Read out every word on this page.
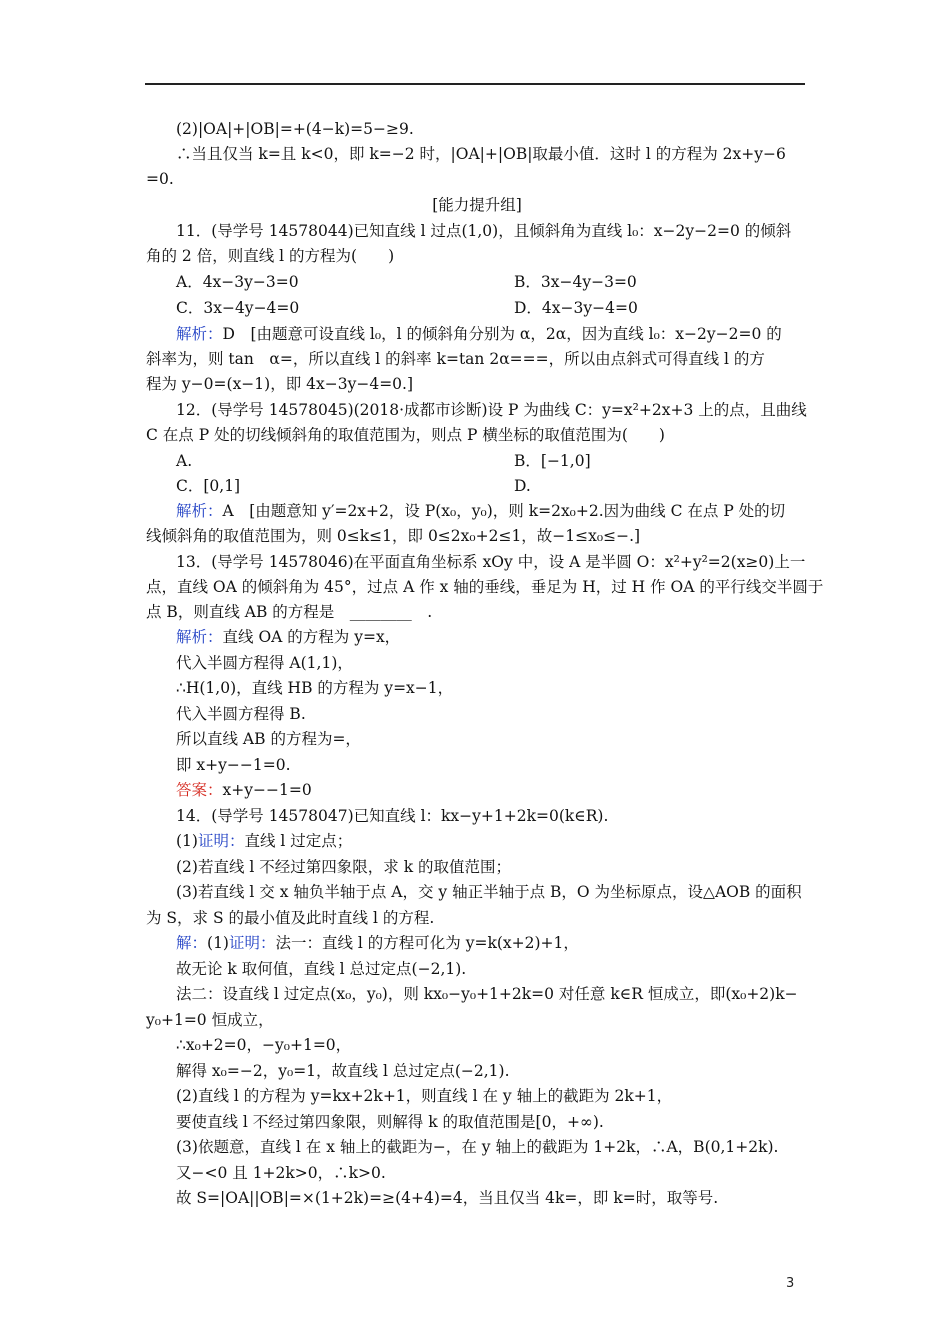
(2)|OA|+|OB|=+(4−k)=5−≥9.
∴当且仅当 k=且 k<0，即 k=−2 时，|OA|+|OB|取最小值．这时 l 的方程为 2x+y−6
=0.
[能力提升组]
11．(导学号 14578044)已知直线 l 过点(1,0)，且倾斜角为直线 l₀：x−2y−2=0 的倾斜
角的 2 倍，则直线 l 的方程为(　　)
A．4x−3y−3=0	B．3x−4y−3=0
C．3x−4y−4=0	D．4x−3y−4=0
解析：D　[由题意可设直线 l₀，l 的倾斜角分别为 α，2α，因为直线 l₀：x−2y−2=0 的
斜率为，则 tan　α=，所以直线 l 的斜率 k=tan 2α===，所以由点斜式可得直线 l 的方
程为 y−0=(x−1)，即 4x−3y−4=0.]
12．(导学号 14578045)(2018·成都市诊断)设 P 为曲线 C：y=x²+2x+3 上的点，且曲线
C 在点 P 处的切线倾斜角的取值范围为，则点 P 横坐标的取值范围为(　　)
A.	B．[−1,0]
C．[0,1]	D.
解析：A　[由题意知 y′=2x+2，设 P(x₀，y₀)，则 k=2x₀+2.因为曲线 C 在点 P 处的切
线倾斜角的取值范围为，则 0≤k≤1，即 0≤2x₀+2≤1，故−1≤x₀≤−.]
13．(导学号 14578046)在平面直角坐标系 xOy 中，设 A 是半圆 O：x²+y²=2(x≥0)上一
点，直线 OA 的倾斜角为 45°，过点 A 作 x 轴的垂线，垂足为 H，过 H 作 OA 的平行线交半圆于
点 B，则直线 AB 的方程是　________　.
解析：直线 OA 的方程为 y=x，
代入半圆方程得 A(1,1)，
∴H(1,0)，直线 HB 的方程为 y=x−1，
代入半圆方程得 B.
所以直线 AB 的方程为=，
即 x+y−−1=0.
答案：x+y−−1=0
14．(导学号 14578047)已知直线 l：kx−y+1+2k=0(k∈R).
(1)证明：直线 l 过定点；
(2)若直线 l 不经过第四象限，求 k 的取值范围；
(3)若直线 l 交 x 轴负半轴于点 A，交 y 轴正半轴于点 B，O 为坐标原点，设△AOB 的面积
为 S，求 S 的最小值及此时直线 l 的方程.
解：(1)证明：法一：直线 l 的方程可化为 y=k(x+2)+1，
故无论 k 取何值，直线 l 总过定点(−2,1).
法二：设直线 l 过定点(x₀，y₀)，则 kx₀−y₀+1+2k=0 对任意 k∈R 恒成立，即(x₀+2)k−
y₀+1=0 恒成立，
∴x₀+2=0，−y₀+1=0，
解得 x₀=−2，y₀=1，故直线 l 总过定点(−2,1).
(2)直线 l 的方程为 y=kx+2k+1，则直线 l 在 y 轴上的截距为 2k+1，
要使直线 l 不经过第四象限，则解得 k 的取值范围是[0，+∞).
(3)依题意，直线 l 在 x 轴上的截距为−，在 y 轴上的截距为 1+2k，∴A，B(0,1+2k).
又−<0 且 1+2k>0，∴k>0.
故 S=|OA||OB|=×(1+2k)=≥(4+4)=4，当且仅当 4k=，即 k=时，取等号.
3
